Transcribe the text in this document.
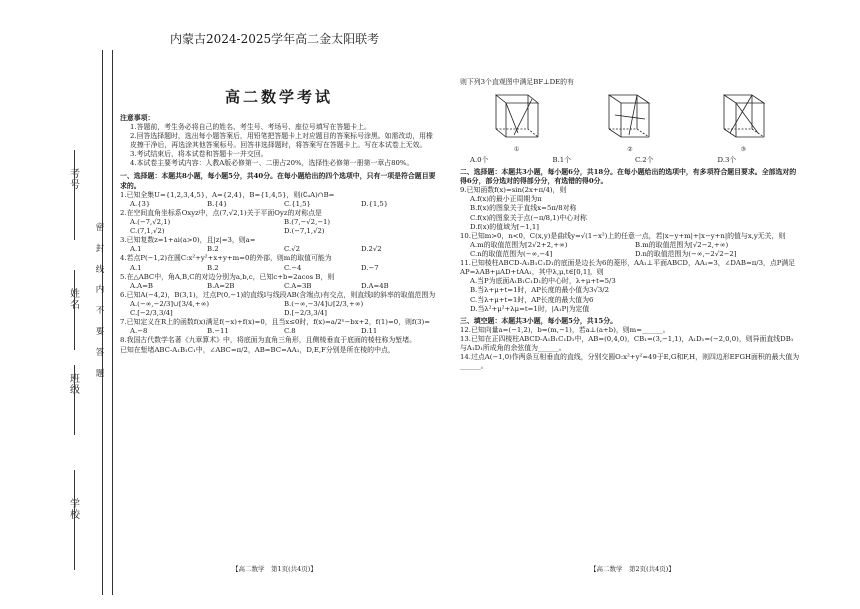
内蒙古2024-2025学年高二金太阳联考
考号
姓名
班级
学校
密
封
线
内
不
要
答
题

高二数学考试

注意事项：

1.答题前，考生务必将自己的姓名、考生号、考场号、座位号填写在答题卡上。

2.回答选择题时，选出每小题答案后，用铅笔把答题卡上对应题目的答案标号涂黑。如需改动，用橡皮擦干净后，再选涂其他答案标号。回答非选择题时，将答案写在答题卡上。写在本试卷上无效。

3.考试结束后，将本试卷和答题卡一并交回。

4.本试卷主要考试内容：人教A版必修第一、二册占20%，选择性必修第一册第一章占80%。

一、选择题：本题共8小题，每小题5分，共40分。在每小题给出的四个选项中，只有一项是符合题目要求的。

1.已知全集U={1,2,3,4,5}，A={2,4}，B={1,4,5}，则(∁ᵤA)∩B=

A.{3}	B.{4}	C.{1,5}	D.{1,5}

2.在空间直角坐标系Oxyz中，点(7,√2,1)关于平面Oyz的对称点是

A.(−7,√2,1)	B.(7,−√2,−1)
C.(7,1,√2)	D.(−7,1,√2)

3.已知复数z=1+ai(a>0)，且|z|=3，则a=

A.1	B.2	C.√2	D.2√2

4.若点P(−1,2)在圆C:x²+y²+x+y+m=0的外部，则m的取值可能为

A.1	B.2	C.−4	D.−7

5.在△ABC中，角A,B,C的对边分别为a,b,c，已知c+b=2acos B，则

A.A=B	B.A=2B	C.A=3B	D.A=4B

6.已知A(−4,2)，B(3,1)，过点P(0,−1)的直线l与线段AB(含端点)有交点，则直线l的斜率的取值范围为

A.(−∞,−2/3]∪[3/4,+∞)	B.(−∞,−3/4]∪[2/3,+∞)
C.[−2/3,3/4]	D.[−2/3,3/4]

7.已知定义在R上的函数f(x)满足f(−x)+f(x)=0，且当x≤0时，f(x)=a/2ˣ−bx+2，f(1)=0，则f(3)=

A.−8	B.−11	C.8	D.11

8.我国古代数学名著《九章算术》中，将底面为直角三角形，且侧棱垂直于底面的棱柱称为堑堵。

已知在堑堵ABC-A₁B₁C₁中，∠ABC=π/2，AB=BC=AA₁，D,E,F分别是所在棱的中点，

【高二数学　第1页(共4页)】

则下列3个直观图中满足BF⊥DE的有

①	②	③
A.0个	B.1个	C.2个	D.3个

二、选择题：本题共3小题，每小题6分，共18分。在每小题给出的选项中，有多项符合题目要求。全部选对的得6分，部分选对的得部分分，有选错的得0分。

9.已知函数f(x)=sin(2x+π/4)，则

A.f(x)的最小正周期为π

B.f(x)的图象关于直线x=5π/8对称

C.f(x)的图象关于点(−π/8,1)中心对称

D.f(x)的值域为[−1,1]

10.已知m>0，n<0，C(x,y)是曲线y=√(1−x²)上的任意一点，若|x−y+m|+|x−y+n|的值与x,y无关，则

A.m的取值范围为[2√2+2,+∞)	B.m的取值范围为[√2−2,+∞)
C.n的取值范围为(−∞,−4]	D.n的取值范围为(−∞,−2√2−2]

11.已知棱柱ABCD-A₁B₁C₁D₁的底面是边长为6的菱形，AA₁⊥平面ABCD，AA₁=3，∠DAB=π/3，点P满足AP=λAB+μAD+tAA₁，其中λ,μ,t∈[0,1]，则

A.当P为底面A₁B₁C₁D₁的中心时，λ+μ+t=5/3

B.当λ+μ+t=1时，AP长度的最小值为3√3/2

C.当λ+μ+t=1时，AP长度的最大值为6

D.当λ²+μ²+λμ=t=1时，|A₁P|为定值

三、填空题：本题共3小题，每小题5分，共15分。

12.已知向量a=(−1,2)，b=(m,−1)，若a⊥(a+b)，则m=______。

13.已知在正四棱柱ABCD-A₁B₁C₁D₁中，AB=(0,4,0)，CB₁=(3,−1,1)，A₁D₁=(−2,0,0)，则异面直线DB₁与A₁D₁所成角的余弦值为______。

14.过点A(−1,0)作两条互相垂直的直线，分别交圆O:x²+y²=49于E,G和F,H，则四边形EFGH面积的最大值为______。

【高二数学　第2页(共4页)】
